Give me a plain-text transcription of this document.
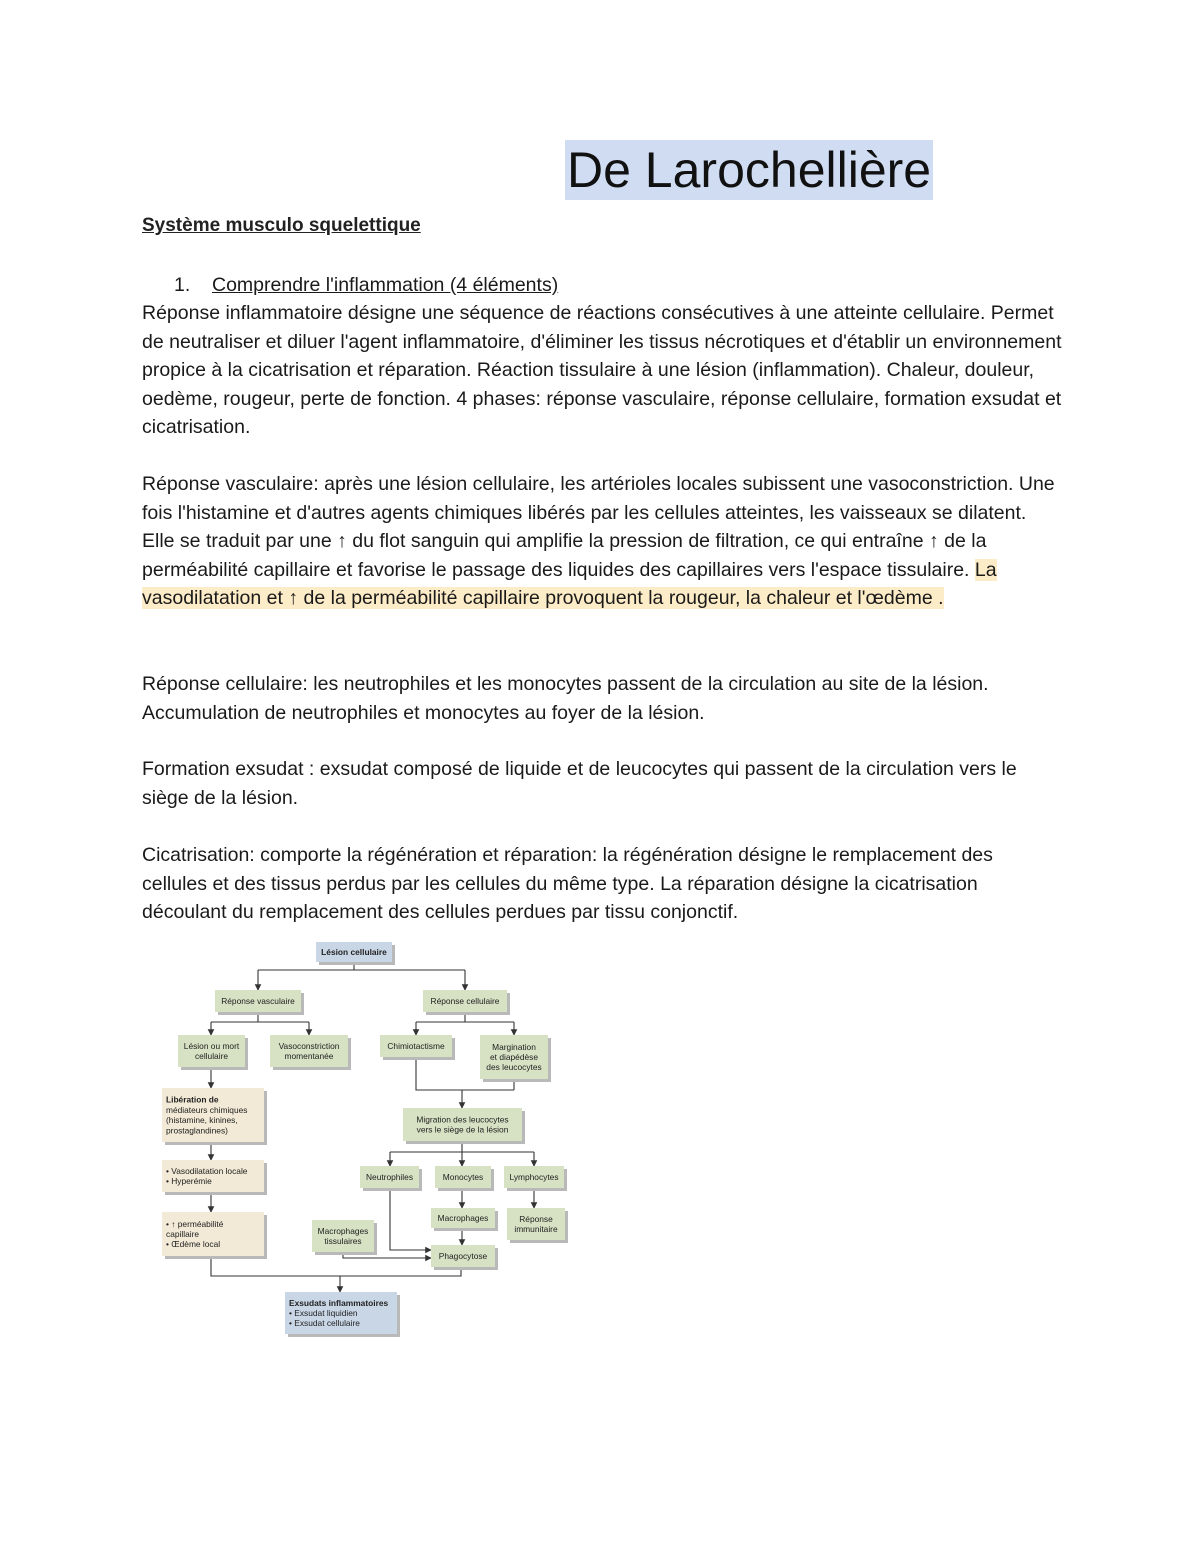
De Larochellière
Système musculo squelettique
1. Comprendre l'inflammation (4 éléments)

Réponse inflammatoire désigne une séquence de réactions consécutives à une atteinte cellulaire. Permet de neutraliser et diluer l'agent inflammatoire, d'éliminer les tissus nécrotiques et d'établir un environnement propice à la cicatrisation et réparation. Réaction tissulaire à une lésion (inflammation). Chaleur, douleur, oedème, rougeur, perte de fonction. 4 phases: réponse vasculaire, réponse cellulaire, formation exsudat et cicatrisation.

Réponse vasculaire: après une lésion cellulaire, les artérioles locales subissent une vasoconstriction. Une fois l'histamine et d'autres agents chimiques libérés par les cellules atteintes, les vaisseaux se dilatent. Elle se traduit par une ↑ du flot sanguin qui amplifie la pression de filtration, ce qui entraîne ↑ de la perméabilité capillaire et favorise le passage des liquides des capillaires vers l'espace tissulaire. La vasodilatation et ↑ de la perméabilité capillaire provoquent la rougeur, la chaleur et l'œdème .

Réponse cellulaire: les neutrophiles et les monocytes passent de la circulation au site de la lésion. Accumulation de neutrophiles et monocytes au foyer de la lésion.

Formation exsudat : exsudat composé de liquide et de leucocytes qui passent de la circulation vers le siège de la lésion.

Cicatrisation: comporte la régénération et réparation: la régénération désigne le remplacement des cellules et des tissus perdus par les cellules du même type. La réparation désigne la cicatrisation découlant du remplacement des cellules perdues par tissu conjonctif.

Lésion cellulaire
Réponse vasculaire	Réponse cellulaire
Lésion ou mort
cellulaire
Vasoconstriction
momentanée
Chimiotactisme	Margination
et diapédèse
des leucocytes
Libération de
médiateurs chimiques
(histamine, kinines,
prostaglandines)
Migration des leucocytes
vers le siège de la lésion
• Vasodilatation locale
• Hyperémie	Neutrophiles	Monocytes	Lymphocytes
• ↑ perméabilité
capillaire
• Œdème local
Macrophages
tissulaires
Macrophages	Réponse
immunitaire
Phagocytose
Exsudats inflammatoires
• Exsudat liquidien
• Exsudat cellulaire
